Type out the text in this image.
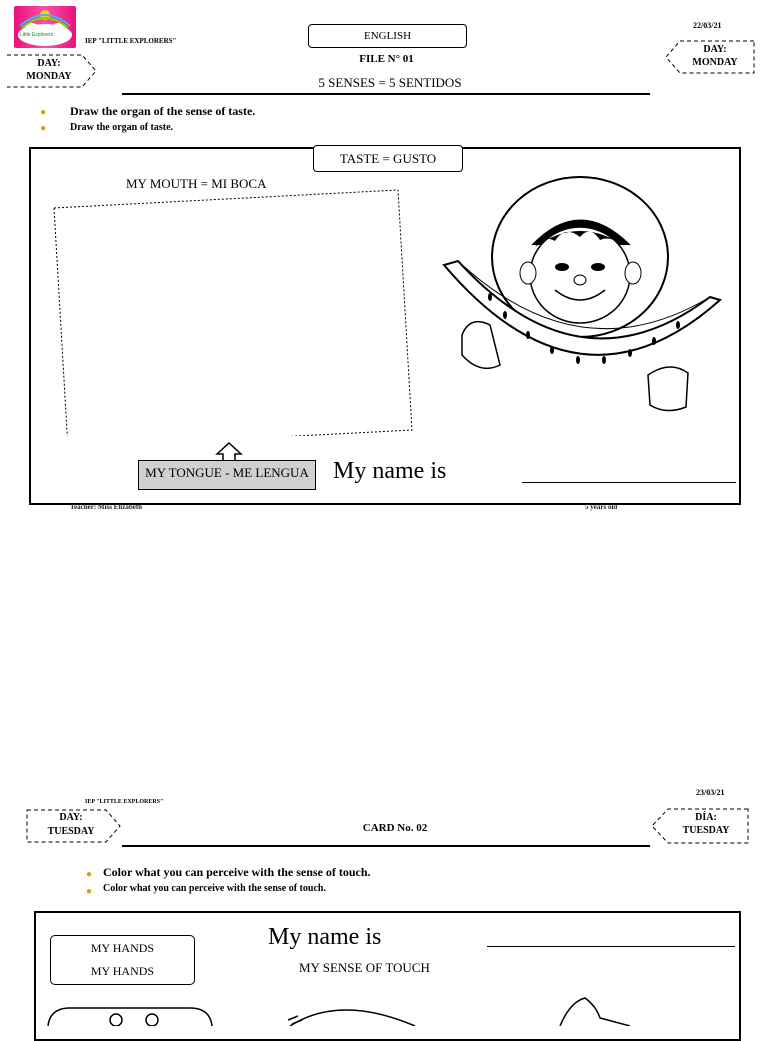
Little Explorers
IEP "LITTLE EXPLORERS"	ENGLISH
FILE N° 01
5 SENSES = 5 SENTIDOS
22/03/21
DAY:
MONDAY
DAY:
MONDAY
● Draw the organ of the sense of taste.
● Draw the organ of taste.
TASTE = GUSTO
MY MOUTH = MI BOCA
MY TONGUE - ME LENGUA My name is
Teacher: Miss Elizabeth	5 years old
IEP "LITTLE EXPLORERS"
23/03/21
DAY:
TUESDAY
DÍA:
TUESDAY
CARD No. 02
● Color what you can perceive with the sense of touch.
● Color what you can perceive with the sense of touch.
MY HANDS
MY HANDS
My name is
MY SENSE OF TOUCH
